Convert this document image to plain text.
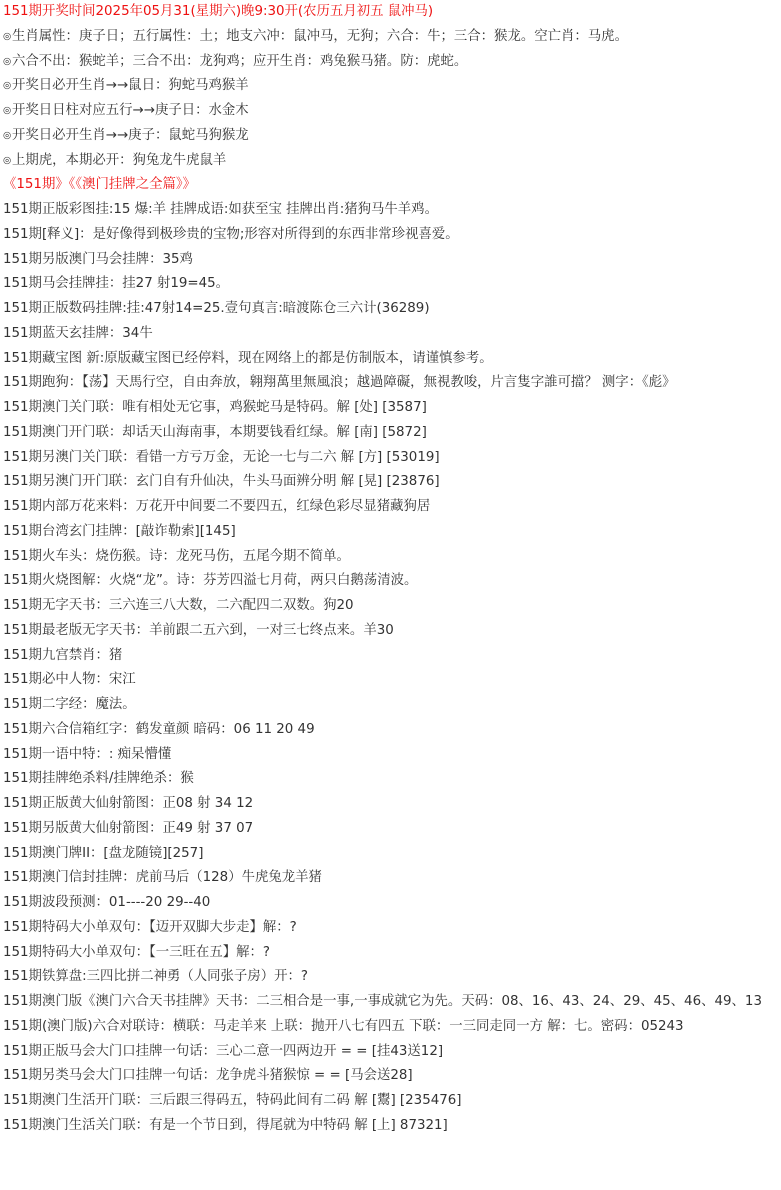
151期开奖时间2025年05月31(星期六)晚9:30开(农历五月初五 鼠冲马)
◎生肖属性：庚子日；五行属性：土；地支六冲：鼠冲马，无狗；六合：牛；三合：猴龙。空亡肖：马虎。
◎六合不出：猴蛇羊；三合不出：龙狗鸡；应开生肖：鸡兔猴马猪。防：虎蛇。
◎开奖日必开生肖→→鼠日：狗蛇马鸡猴羊
◎开奖日日柱对应五行→→庚子日：水金木
◎开奖日必开生肖→→庚子：鼠蛇马狗猴龙
◎上期虎，本期必开：狗兔龙牛虎鼠羊
《151期》《《澳门挂牌之全篇》》
151期正版彩图挂:15 爆:羊 挂牌成语:如获至宝 挂牌出肖:猪狗马牛羊鸡。
151期[释义]：是好像得到极珍贵的宝物;形容对所得到的东西非常珍视喜爱。
151期另版澳门马会挂牌：35鸡
151期马会挂牌挂：挂27 射19=45。
151期正版数码挂牌:挂:47射14=25.壹句真言:暗渡陈仓三六计(36289)
151期蓝天玄挂牌：34牛
151期藏宝图 新:原版藏宝图已经停料，现在网络上的都是仿制版本，请谨慎参考。
151期跑狗：【荡】天馬行空，自由奔放，翱翔萬里無風浪；越過障礙，無視教唆，片言隻字誰可擋？ 测字：《彪》
151期澳门关门联：唯有相处无它事，鸡猴蛇马是特码。解 [处] [3587]
151期澳门开门联：却话天山海南事，本期要钱看红绿。解 [南] [5872]
151期另澳门关门联：看错一方亏万金，无论一七与二六 解 [方] [53019]
151期另澳门开门联：玄门自有升仙决，牛头马面辨分明 解 [晃] [23876]
151期内部万花来料：万花开中间要二不要四五，红绿色彩尽显猪藏狗居
151期台湾玄门挂牌：[敲诈勒索][145]
151期火车头：烧伤猴。诗：龙死马伤，五尾今期不简单。
151期火烧图解：火烧“龙”。诗：芬芳四溢七月荷，两只白鹅荡清波。
151期无字天书：三六连三八大数，二六配四二双数。狗20
151期最老版无字天书：羊前跟二五六到，一对三七终点来。羊30
151期九宫禁肖：猪
151期必中人物：宋江
151期二字经：魔法。
151期六合信箱红字：鹤发童颜 暗码：06 11 20 49
151期一语中特：: 痴呆懵懂
151期挂牌绝杀料/挂牌绝杀：猴
151期正版黄大仙射箭图：正08 射 34 12
151期另版黄大仙射箭图：正49 射 37 07
151期澳门牌II：[盘龙随镜][257]
151期澳门信封挂牌：虎前马后（128）牛虎兔龙羊猪
151期波段预测：01----20 29--40
151期特码大小单双句：【迈开双脚大步走】解：?
151期特码大小单双句：【一三旺在五】解：?
151期铁算盘:三四比拼二神勇（人同张子房）开：?
151期澳门版《澳门六合天书挂牌》天书：二三相合是一事,一事成就它为先。天码：08、16、43、24、29、45、46、49、13
151期(澳门版)六合对联诗：横联：马走羊来 上联：抛开八七有四五 下联：一三同走同一方 解：七。密码：05243
151期正版马会大门口挂牌一句话：三心二意一四两边开 = = [挂43送12]
151期另类马会大门口挂牌一句话：龙争虎斗猪猴惊 = = [马会送28]
151期澳门生活开门联：三后跟三得码五，特码此间有二码 解 [鬻] [235476]
151期澳门生活关门联：有是一个节日到，得尾就为中特码 解 [上] 87321]
